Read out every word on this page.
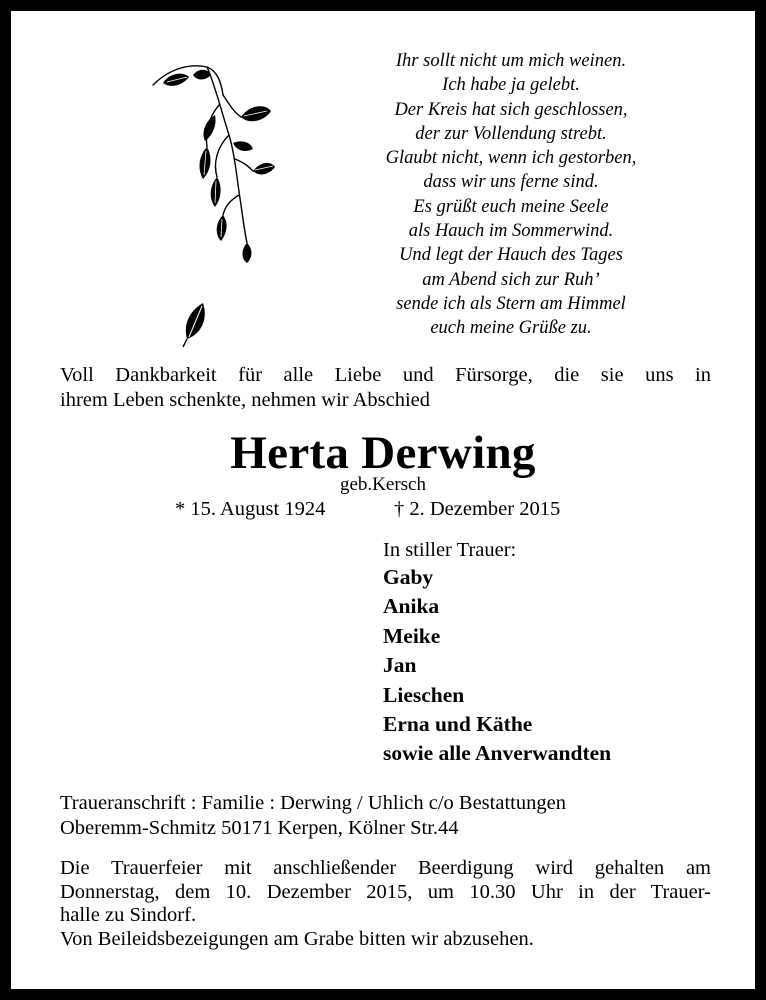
Ihr sollt nicht um mich weinen.
Ich habe ja gelebt.
Der Kreis hat sich geschlossen,
der zur Vollendung strebt.
Glaubt nicht, wenn ich gestorben,
dass wir uns ferne sind.
Es grüßt euch meine Seele
als Hauch im Sommerwind.
Und legt der Hauch des Tages
am Abend sich zur Ruh’
sende ich als Stern am Himmel
euch meine Grüße zu.
Voll Dankbarkeit für alle Liebe und Fürsorge, die sie uns in
ihrem Leben schenkte, nehmen wir Abschied
Herta Derwing
geb.Kersch
* 15. August 1924	† 2. Dezember 2015
In stiller Trauer:
Gaby
Anika
Meike
Jan
Lieschen
Erna und Käthe
sowie alle Anverwandten
Traueranschrift : Familie : Derwing / Uhlich c/o Bestattungen
Oberemm-Schmitz 50171 Kerpen, Kölner Str.44
Die Trauerfeier mit anschließender Beerdigung wird gehalten am
Donnerstag, dem 10. Dezember 2015, um 10.30 Uhr in der Trauer-
halle zu Sindorf.
Von Beileidsbezeigungen am Grabe bitten wir abzusehen.
